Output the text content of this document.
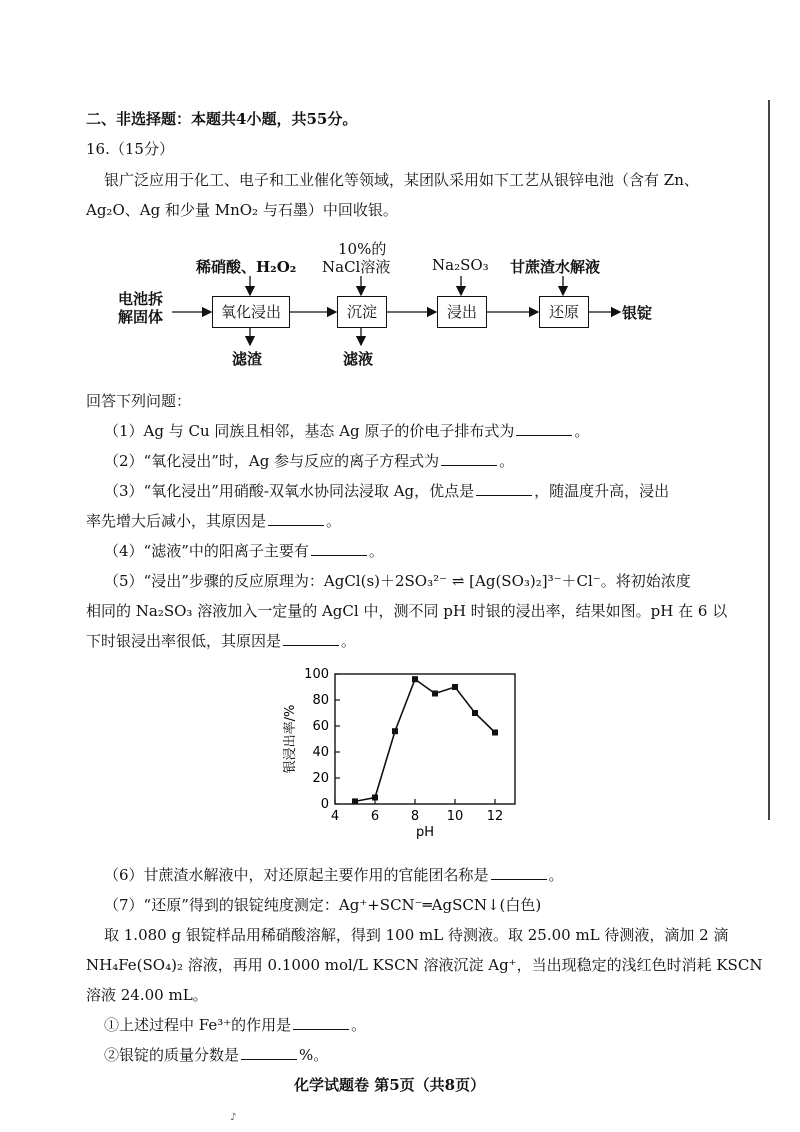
二、非选择题：本题共4小题，共55分。
16.（15分）
银广泛应用于化工、电子和工业催化等领域，某团队采用如下工艺从银锌电池（含有 Zn、
Ag₂O、Ag 和少量 MnO₂ 与石墨）中回收银。
电池拆
解固体	氧化浸出	沉淀	浸出	还原	银锭
稀硝酸、H₂O₂
10%的
NaCl溶液	Na₂SO₃ 甘蔗渣水解液
滤渣	滤液
回答下列问题：
（1）Ag 与 Cu 同族且相邻，基态 Ag 原子的价电子排布式为	。
（2）“氧化浸出”时，Ag 参与反应的离子方程式为	。
（3）“氧化浸出”用硝酸-双氧水协同法浸取 Ag，优点是	，随温度升高，浸出
率先增大后减小，其原因是	。
（4）“滤液”中的阳离子主要有	。
（5）“浸出”步骤的反应原理为：AgCl(s)＋2SO₃²⁻ ⇌ [Ag(SO₃)₂]³⁻＋Cl⁻。将初始浓度
相同的 Na₂SO₃ 溶液加入一定量的 AgCl 中，测不同 pH 时银的浸出率，结果如图。pH 在 6 以
下时银浸出率很低，其原因是	。
0
20
40
60
80
100
4 6 8 10 12
pH
银浸出率/%
（6）甘蔗渣水解液中，对还原起主要作用的官能团名称是	。
（7）“还原”得到的银锭纯度测定：Ag⁺+SCN⁻═AgSCN↓(白色)
取 1.080 g 银锭样品用稀硝酸溶解，得到 100 mL 待测液。取 25.00 mL 待测液，滴加 2 滴
NH₄Fe(SO₄)₂ 溶液，再用 0.1000 mol/L KSCN 溶液沉淀 Ag⁺，当出现稳定的浅红色时消耗 KSCN
溶液 24.00 mL。
①上述过程中 Fe³⁺的作用是	。
②银锭的质量分数是	%。
化学试题卷 第5页（共8页）
♪
